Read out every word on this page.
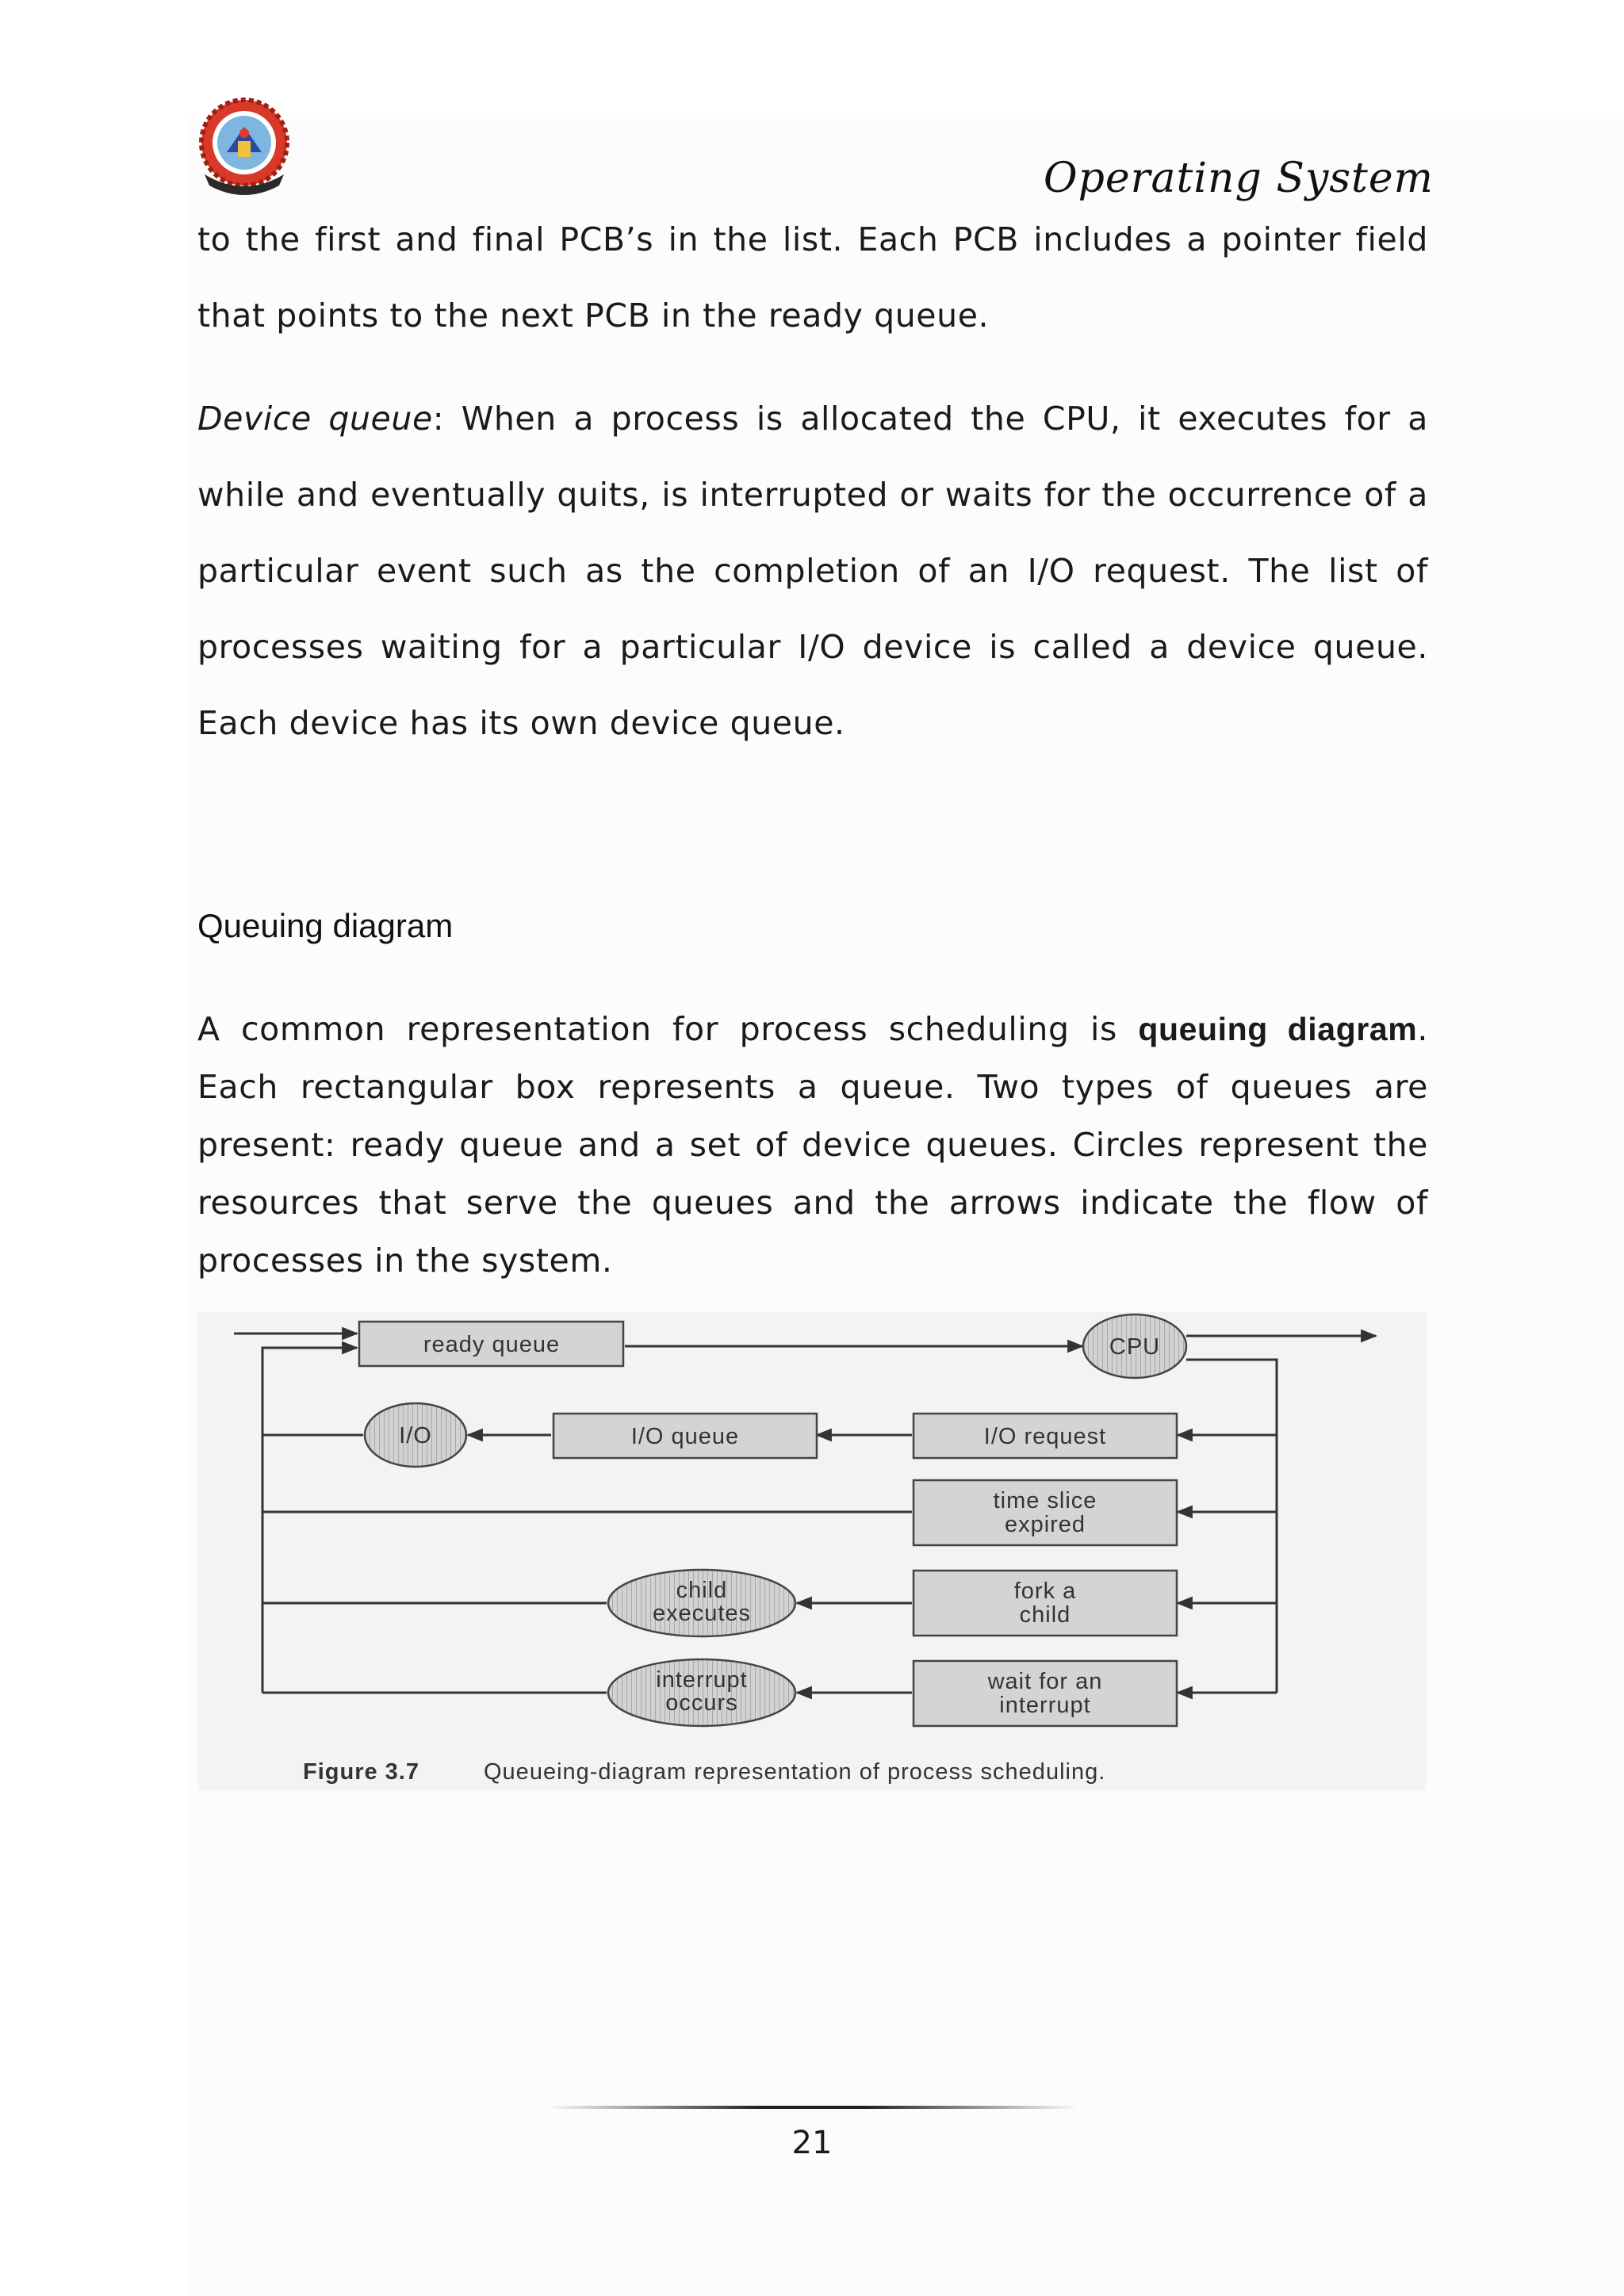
Operating System

to the first and final PCB’s in the list. Each PCB includes a pointer field that points to the next PCB in the ready queue.

Device queue: When a process is allocated the CPU, it executes for a while and eventually quits, is interrupted or waits for the occurrence of a particular event such as the completion of an I/O request. The list of processes waiting for a particular I/O device is called a device queue. Each device has its own device queue.

Queuing diagram

A common representation for process scheduling is queuing diagram. Each rectangular box represents a queue. Two types of queues are present: ready queue and a set of device queues. Circles represent the resources that serve the queues and the arrows indicate the flow of processes in the system.

ready queue	CPU
I/O	I/O queue	I/O request
time slice
expired
child
executes
fork a
child
interrupt
occurs
wait for an
interrupt
Figure 3.7	Queueing-diagram representation of process scheduling.
21
